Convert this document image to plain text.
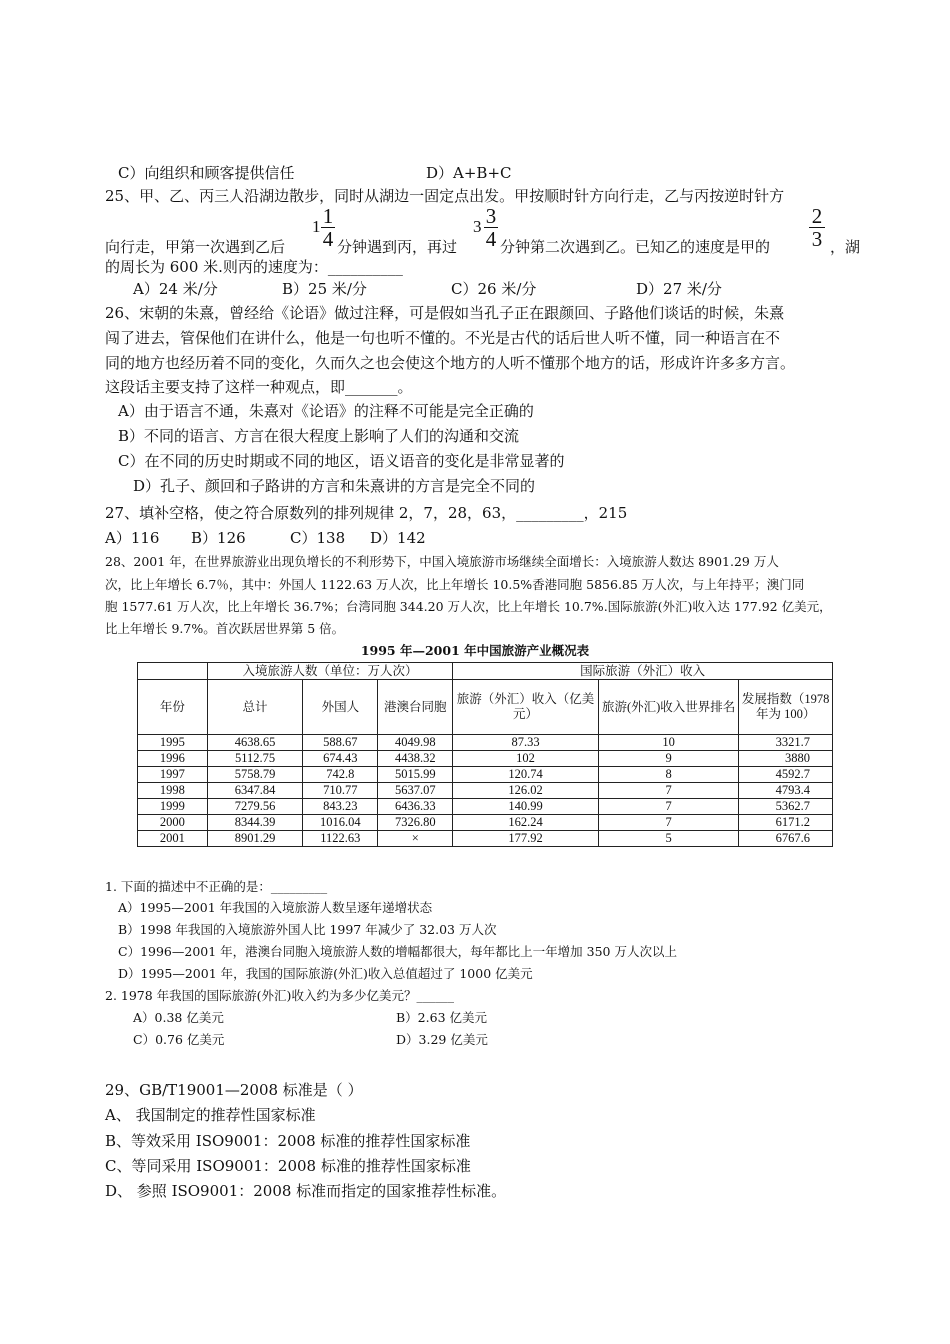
C）向组织和顾客提供信任	D）A+B+C
25、甲、乙、丙三人沿湖边散步，同时从湖边一固定点出发。甲按顺时针方向行走，乙与丙按逆时针方
1 1
4
3 3
4
2
3
向行走，甲第一次遇到乙后	分钟遇到丙，再过	分钟第二次遇到乙。已知乙的速度是甲的	，湖
的周长为 600 米.则丙的速度为：__________
A）24 米/分	B）25 米/分	C）26 米/分	D）27 米/分
26、宋朝的朱熹，曾经给《论语》做过注释，可是假如当孔子正在跟颜回、子路他们谈话的时候，朱熹
闯了进去，管保他们在讲什么，他是一句也听不懂的。不光是古代的话后世人听不懂，同一种语言在不
同的地方也经历着不同的变化，久而久之也会使这个地方的人听不懂那个地方的话，形成许许多多方言。
这段话主要支持了这样一种观点，即_______。
A）由于语言不通，朱熹对《论语》的注释不可能是完全正确的
B）不同的语言、方言在很大程度上影响了人们的沟通和交流
C）在不同的历史时期或不同的地区，语义语音的变化是非常显著的
D）孔子、颜回和子路讲的方言和朱熹讲的方言是完全不同的
27、填补空格，使之符合原数列的排列规律 2，7，28，63，_________，215
A）116 B）126	C）138 D）142
28、2001 年，在世界旅游业出现负增长的不利形势下，中国入境旅游市场继续全面增长：入境旅游人数达 8901.29 万人
次，比上年增长 6.7％，其中：外国人 1122.63 万人次，比上年增长 10.5%香港同胞 5856.85 万人次，与上年持平；澳门同
胞 1577.61 万人次，比上年增长 36.7%；台湾同胞 344.20 万人次，比上年增长 10.7%.国际旅游(外汇)收入达 177.92 亿美元，
比上年增长 9.7%。首次跃居世界第 5 倍。
1995 年—2001 年中国旅游产业概况表
	入境旅游人数（单位：万人次）			国际旅游（外汇）收入		
年份	总计	外国人	港澳台同胞	旅游（外汇）收入（亿美元）	旅游(外汇)收入世界排名	发展指数（1978 年为 100）
1995	4638.65	588.67	4049.98	87.33	10	3321.7
1996	5112.75	674.43	4438.32	102	9	3880
1997	5758.79	742.8	5015.99	120.74	8	4592.7
1998	6347.84	710.77	5637.07	126.02	7	4793.4
1999	7279.56	843.23	6436.33	140.99	7	5362.7
2000	8344.39	1016.04	7326.80	162.24	7	6171.2
2001	8901.29	1122.63	×	177.92	5	6767.6
1. 下面的描述中不正确的是：_________
A）1995—2001 年我国的入境旅游人数呈逐年递增状态
B）1998 年我国的入境旅游外国人比 1997 年减少了 32.03 万人次
C）1996—2001 年，港澳台同胞入境旅游人数的增幅都很大，每年都比上一年增加 350 万人次以上
D）1995—2001 年，我国的国际旅游(外汇)收入总值超过了 1000 亿美元
2. 1978 年我国的国际旅游(外汇)收入约为多少亿美元？______
A）0.38 亿美元	B）2.63 亿美元
C）0.76 亿美元	D）3.29 亿美元
29、GB/T19001—2008 标准是（ ）
A、 我国制定的推荐性国家标准
B、等效采用 ISO9001：2008 标准的推荐性国家标准
C、等同采用 ISO9001：2008 标准的推荐性国家标准
D、 参照 ISO9001：2008 标准而指定的国家推荐性标准。
